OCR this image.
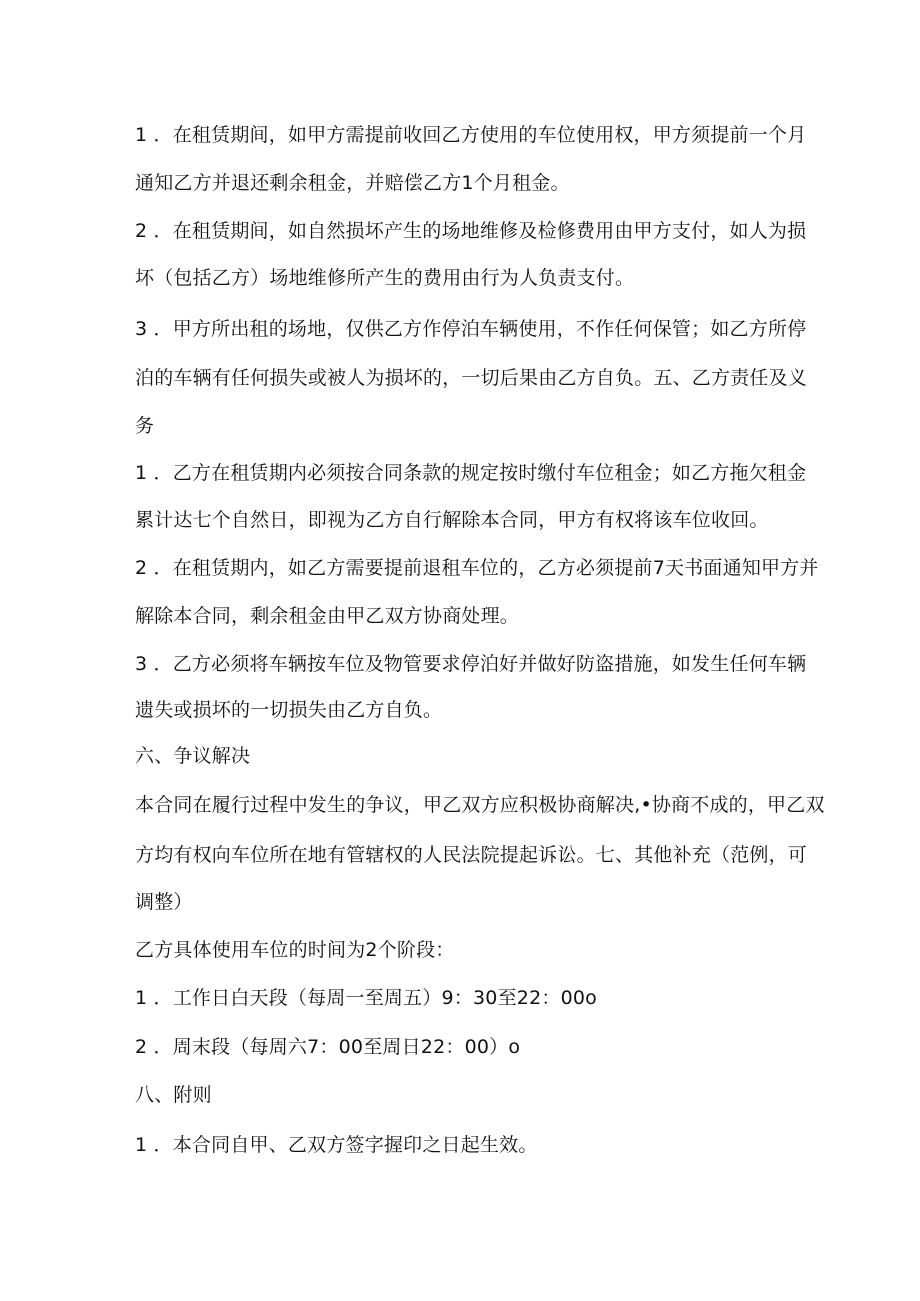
1 ．在租赁期间，如甲方需提前收回乙方使用的车位使用权，甲方须提前一个月
通知乙方并退还剩余租金，并赔偿乙方1个月租金。
2 ．在租赁期间，如自然损坏产生的场地维修及检修费用由甲方支付，如人为损
坏（包括乙方）场地维修所产生的费用由行为人负责支付。
3 ．甲方所出租的场地，仅供乙方作停泊车辆使用，不作任何保管；如乙方所停
泊的车辆有任何损失或被人为损坏的，一切后果由乙方自负。五、乙方责任及义
务
1 ．乙方在租赁期内必须按合同条款的规定按时缴付车位租金；如乙方拖欠租金
累计达七个自然日，即视为乙方自行解除本合同，甲方有权将该车位收回。
2 ．在租赁期内，如乙方需要提前退租车位的，乙方必须提前7天书面通知甲方并
解除本合同，剩余租金由甲乙双方协商处理。
3 ．乙方必须将车辆按车位及物管要求停泊好并做好防盗措施，如发生任何车辆
遗失或损坏的一切损失由乙方自负。
六、争议解决
本合同在履行过程中发生的争议，甲乙双方应积极协商解决,•协商不成的，甲乙双
方均有权向车位所在地有管辖权的人民法院提起诉讼。七、其他补充（范例，可
调整）
乙方具体使用车位的时间为2个阶段：
1 ．工作日白天段（每周一至周五）9：30至22：00o
2 ．周末段（每周六7：00至周日22：00）o
八、附则
1 ．本合同自甲、乙双方签字握印之日起生效。
